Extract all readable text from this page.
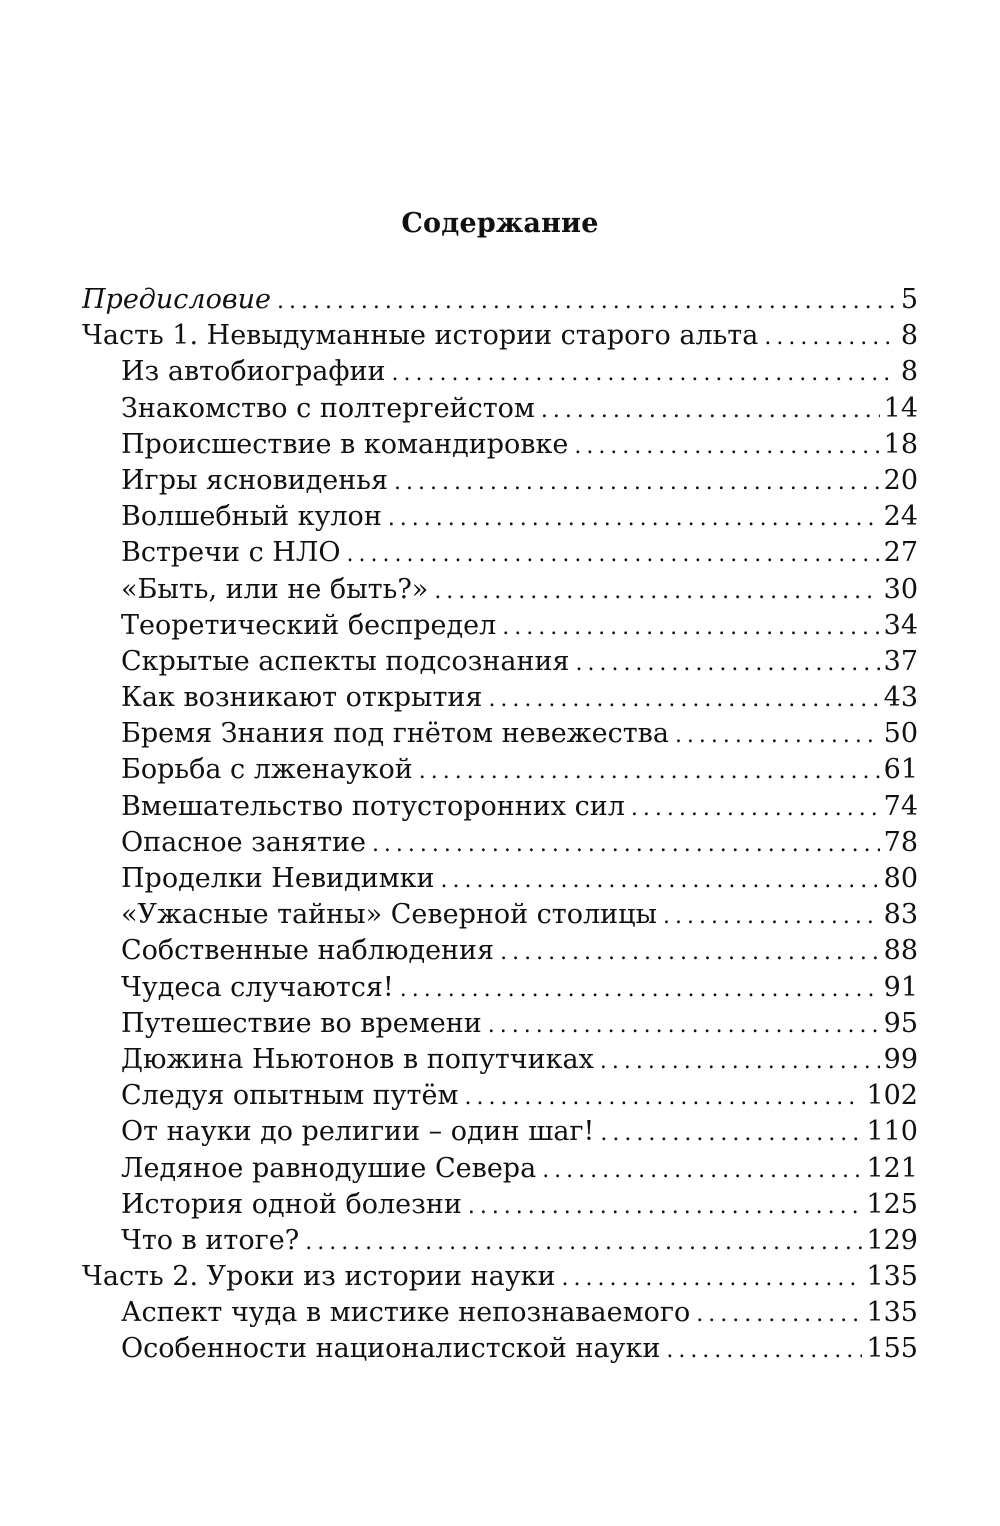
Содержание
Предисловие .....	5
Часть 1. Невыдуманные истории старого альта .....	8
Из автобиографии .....	8
Знакомство с полтергейстом .....	14
Происшествие в командировке .....	18
Игры ясновиденья .....	20
Волшебный кулон .....	24
Встречи с НЛО .....	27
«Быть, или не быть?» .....	30
Теоретический беспредел .....	34
Скрытые аспекты подсознания .....	37
Как возникают открытия .....	43
Бремя Знания под гнётом невежества .....	50
Борьба с лженаукой .....	61
Вмешательство потусторонних сил .....	74
Опасное занятие .....	78
Проделки Невидимки .....	80
«Ужасные тайны» Северной столицы .....	83
Собственные наблюдения .....	88
Чудеса случаются! .....	91
Путешествие во времени .....	95
Дюжина Ньютонов в попутчиках .....	99
Следуя опытным путём .....	102
От науки до религии – один шаг! .....	110
Ледяное равнодушие Севера .....	121
История одной болезни .....	125
Что в итоге? .....	129
Часть 2. Уроки из истории науки .....	135
Аспект чуда в мистике непознаваемого .....	135
Особенности националистской науки .....	155
